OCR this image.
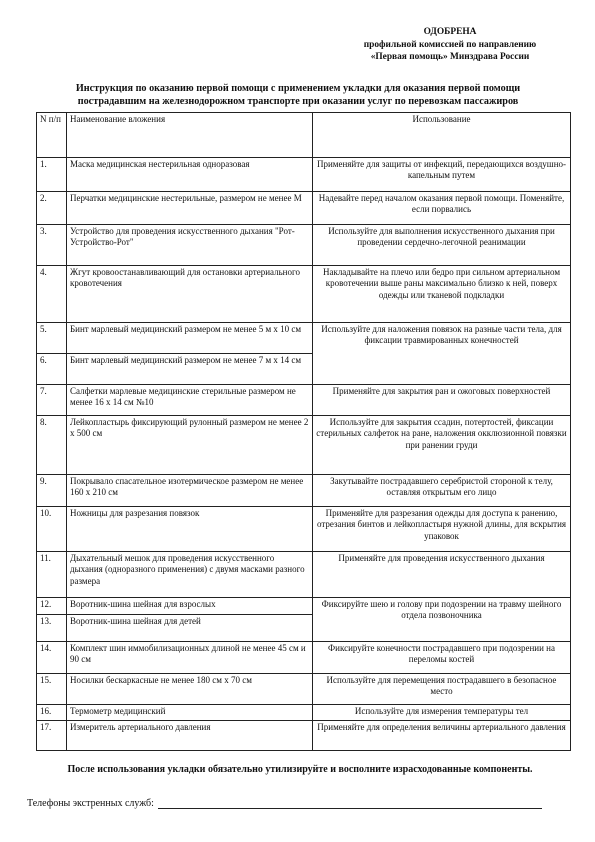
ОДОБРЕНА
профильной комиссией по направлению
«Первая помощь» Минздрава России
Инструкция по оказанию первой помощи с применением укладки для оказания первой помощи
пострадавшим на железнодорожном транспорте при оказании услуг по перевозкам пассажиров
N п/п	Наименование вложения	Использование
1.	Маска медицинская нестерильная одноразовая	Применяйте для защиты от инфекций, передающихся воздушно-капельным путем
2.	Перчатки медицинские нестерильные, размером не менее М	Надевайте перед началом оказания первой помощи. Поменяйте, если порвались
3.	Устройство для проведения искусственного дыхания "Рот-Устройство-Рот"	Используйте для выполнения искусственного дыхания при проведении сердечно-легочной реанимации
4.	Жгут кровоостанавливающий для остановки артериального кровотечения	Накладывайте на плечо или бедро при сильном артериальном кровотечении выше раны максимально близко к ней, поверх одежды или тканевой подкладки
5.	Бинт марлевый медицинский размером не менее 5 м x 10 см	Используйте для наложения повязок на разные части тела, для фиксации травмированных конечностей
6.	Бинт марлевый медицинский размером не менее 7 м x 14 см	
7.	Салфетки марлевые медицинские стерильные размером не менее 16 x 14 см №10	Применяйте для закрытия ран и ожоговых поверхностей
8.	Лейкопластырь фиксирующий рулонный размером не менее 2 x 500 см	Используйте для закрытия ссадин, потертостей, фиксации стерильных салфеток на ране, наложения окклюзионной повязки при ранении груди
9.	Покрывало спасательное изотермическое размером не менее 160 x 210 см	Закутывайте пострадавшего серебристой стороной к телу, оставляя открытым его лицо
10.	Ножницы для разрезания повязок	Применяйте для разрезания одежды для доступа к ранению, отрезания бинтов и лейкопластыря нужной длины, для вскрытия упаковок
11.	Дыхательный мешок для проведения искусственного дыхания (одноразного применения) с двумя масками разного размера	Применяйте для проведения искусственного дыхания
12.	Воротник-шина шейная для взрослых	Фиксируйте шею и голову при подозрении на травму шейного отдела позвоночника
13.	Воротник-шина шейная для детей	
14.	Комплект шин иммобилизационных длиной не менее 45 см и 90 см	Фиксируйте конечности пострадавшего при подозрении на переломы костей
15.	Носилки бескаркасные не менее 180 см x 70 см	Используйте для перемещения пострадавшего в безопасное место
16.	Термометр медицинский	Используйте для измерения температуры тел
17.	Измеритель артериального давления	Применяйте для определения величины артериального давления
После использования укладки обязательно утилизируйте и восполните израсходованные компоненты.
Телефоны экстренных служб:
